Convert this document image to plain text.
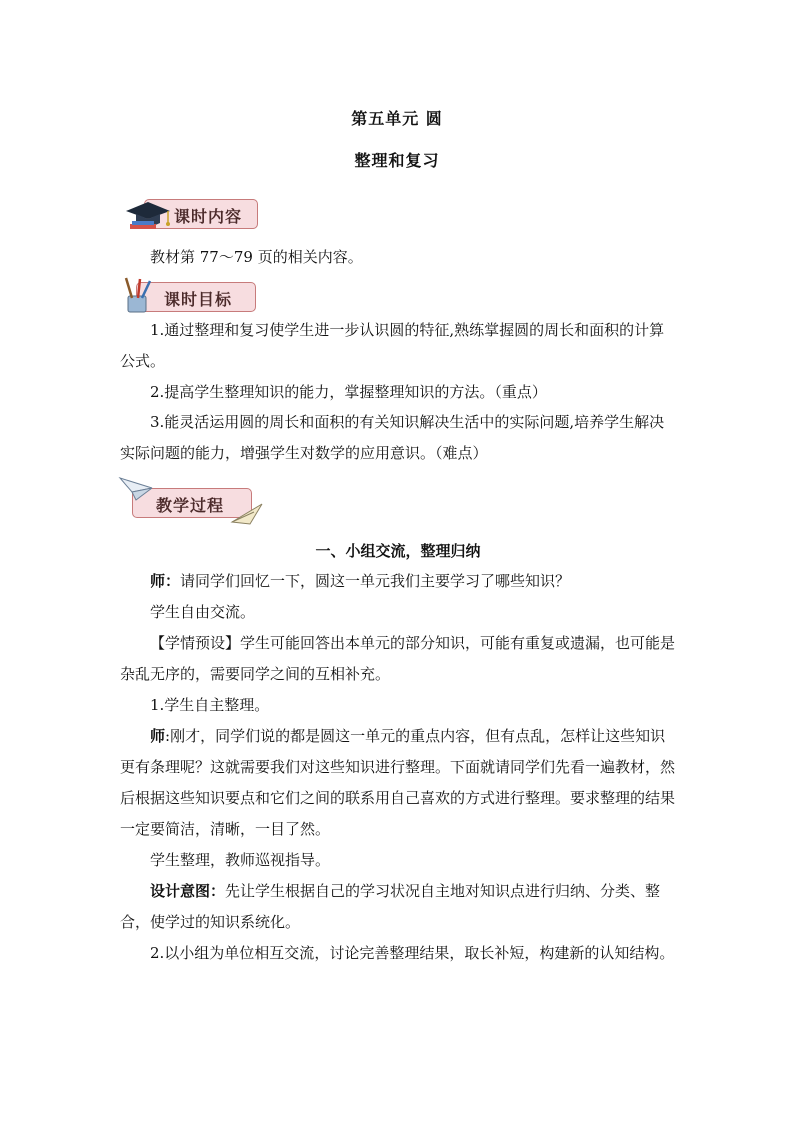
第五单元 圆
整理和复习
课时内容
教材第 77～79 页的相关内容。
课时目标
1.通过整理和复习使学生进一步认识圆的特征,熟练掌握圆的周长和面积的计算公式。
2.提高学生整理知识的能力，掌握整理知识的方法。（重点）
3.能灵活运用圆的周长和面积的有关知识解决生活中的实际问题,培养学生解决实际问题的能力，增强学生对数学的应用意识。（难点）
教学过程
一、小组交流，整理归纳
师：请同学们回忆一下，圆这一单元我们主要学习了哪些知识？
学生自由交流。
【学情预设】学生可能回答出本单元的部分知识，可能有重复或遗漏，也可能是杂乱无序的，需要同学之间的互相补充。
1.学生自主整理。
师:刚才，同学们说的都是圆这一单元的重点内容，但有点乱，怎样让这些知识更有条理呢？这就需要我们对这些知识进行整理。下面就请同学们先看一遍教材，然后根据这些知识要点和它们之间的联系用自己喜欢的方式进行整理。要求整理的结果一定要简洁，清晰，一目了然。
学生整理，教师巡视指导。
设计意图：先让学生根据自己的学习状况自主地对知识点进行归纳、分类、整合，使学过的知识系统化。
2.以小组为单位相互交流，讨论完善整理结果，取长补短，构建新的认知结构。
